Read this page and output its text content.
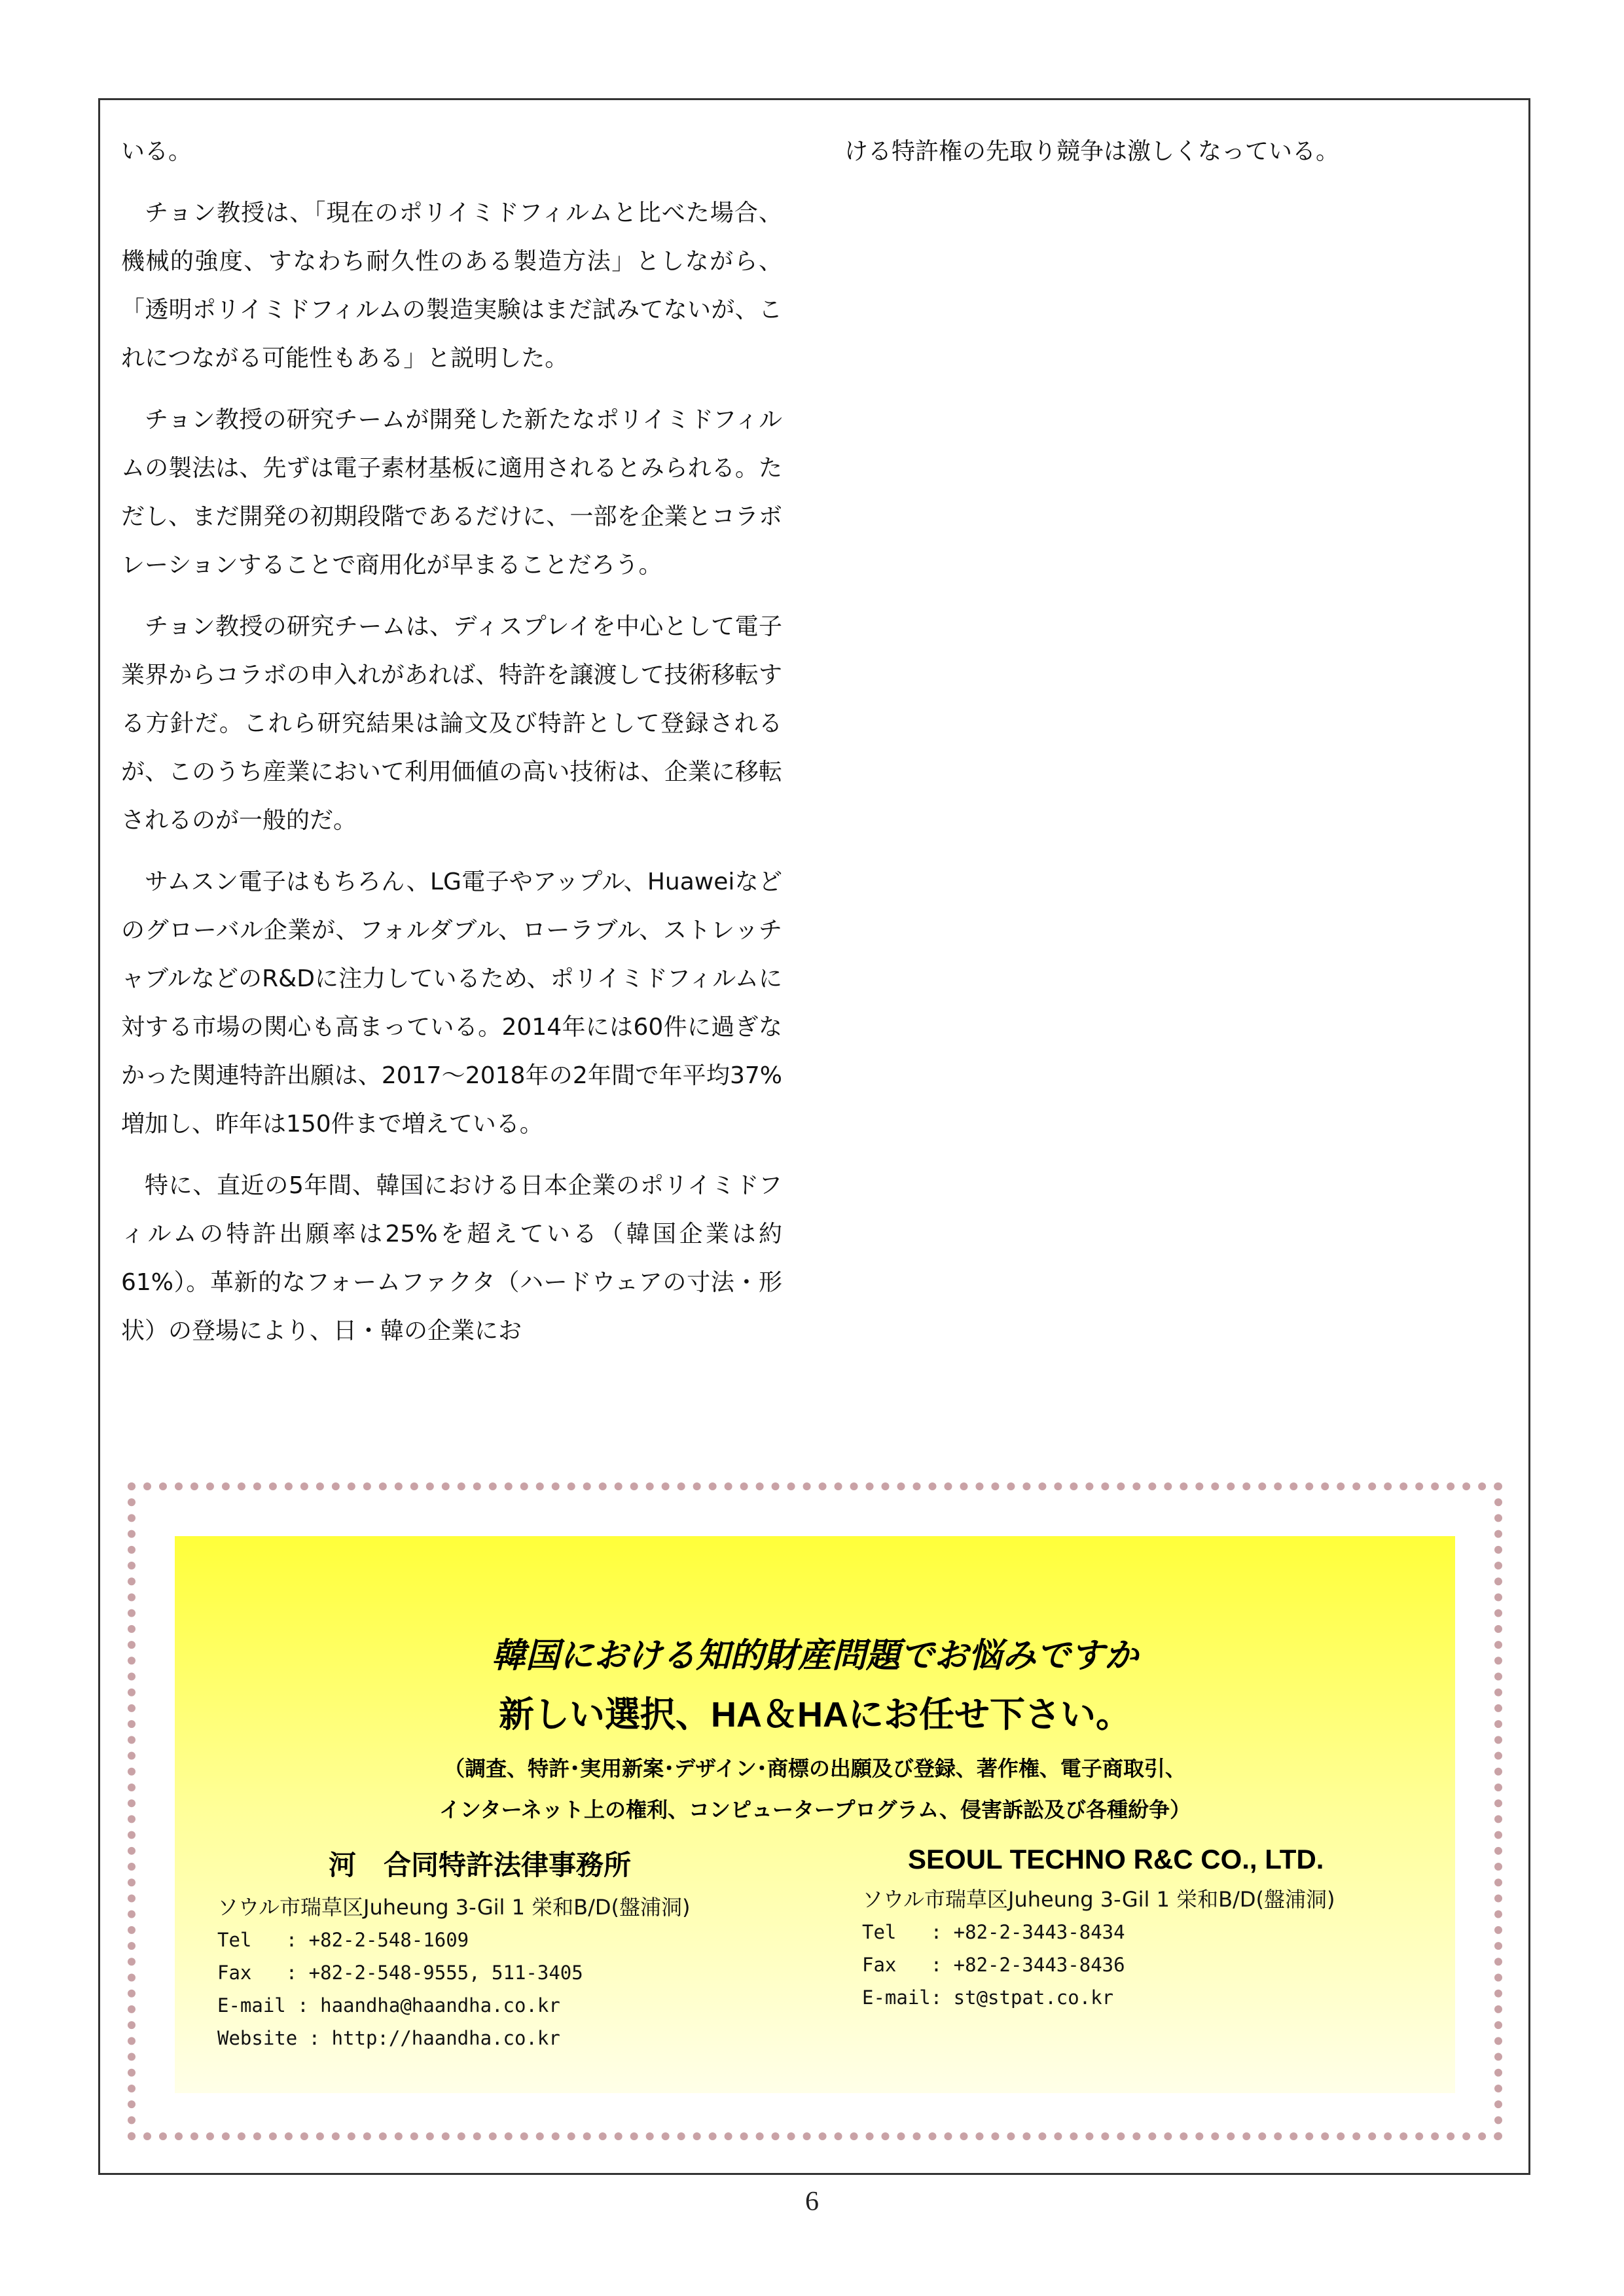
いる。

チョン教授は、「現在のポリイミドフィルムと比べた場合、機械的強度、すなわち耐久性のある製造方法」としながら、「透明ポリイミドフィルムの製造実験はまだ試みてないが、これにつながる可能性もある」と説明した。

チョン教授の研究チームが開発した新たなポリイミドフィルムの製法は、先ずは電子素材基板に適用されるとみられる。ただし、まだ開発の初期段階であるだけに、一部を企業とコラボレーションすることで商用化が早まることだろう。

チョン教授の研究チームは、ディスプレイを中心として電子業界からコラボの申入れがあれば、特許を譲渡して技術移転する方針だ。これら研究結果は論文及び特許として登録されるが、このうち産業において利用価値の高い技術は、企業に移転されるのが一般的だ。

サムスン電子はもちろん、LG電子やアップル、Huaweiなどのグローバル企業が、フォルダブル、ローラブル、ストレッチャブルなどのR&Dに注力しているため、ポリイミドフィルムに対する市場の関心も高まっている。2014年には60件に過ぎなかった関連特許出願は、2017～2018年の2年間で年平均37%増加し、昨年は150件まで増えている。

特に、直近の5年間、韓国における日本企業のポリイミドフィルムの特許出願率は25%を超えている（韓国企業は約61%）。革新的なフォームファクタ（ハードウェアの寸法・形状）の登場により、日・韓の企業にお

ける特許権の先取り競争は激しくなっている。

韓国における知的財産問題でお悩みですか
新しい選択、HA＆HAにお任せ下さい。
（調査、特許･実用新案･デザイン･商標の出願及び登録、著作権、電子商取引、
インターネット上の権利、コンピュータープログラム、侵害訴訟及び各種紛争）

河　合同特許法律事務所

ソウル市瑞草区Juheung 3-Gil 1 栄和B/D(盤浦洞)

Tel   : +82-2-548-1609

Fax   : +82-2-548-9555, 511-3405

E-mail : haandha@haandha.co.kr

Website : http://haandha.co.kr

SEOUL TECHNO R&C CO., LTD.

ソウル市瑞草区Juheung 3-Gil 1 栄和B/D(盤浦洞)

Tel   : +82-2-3443-8434

Fax   : +82-2-3443-8436

E-mail: st@stpat.co.kr

6
